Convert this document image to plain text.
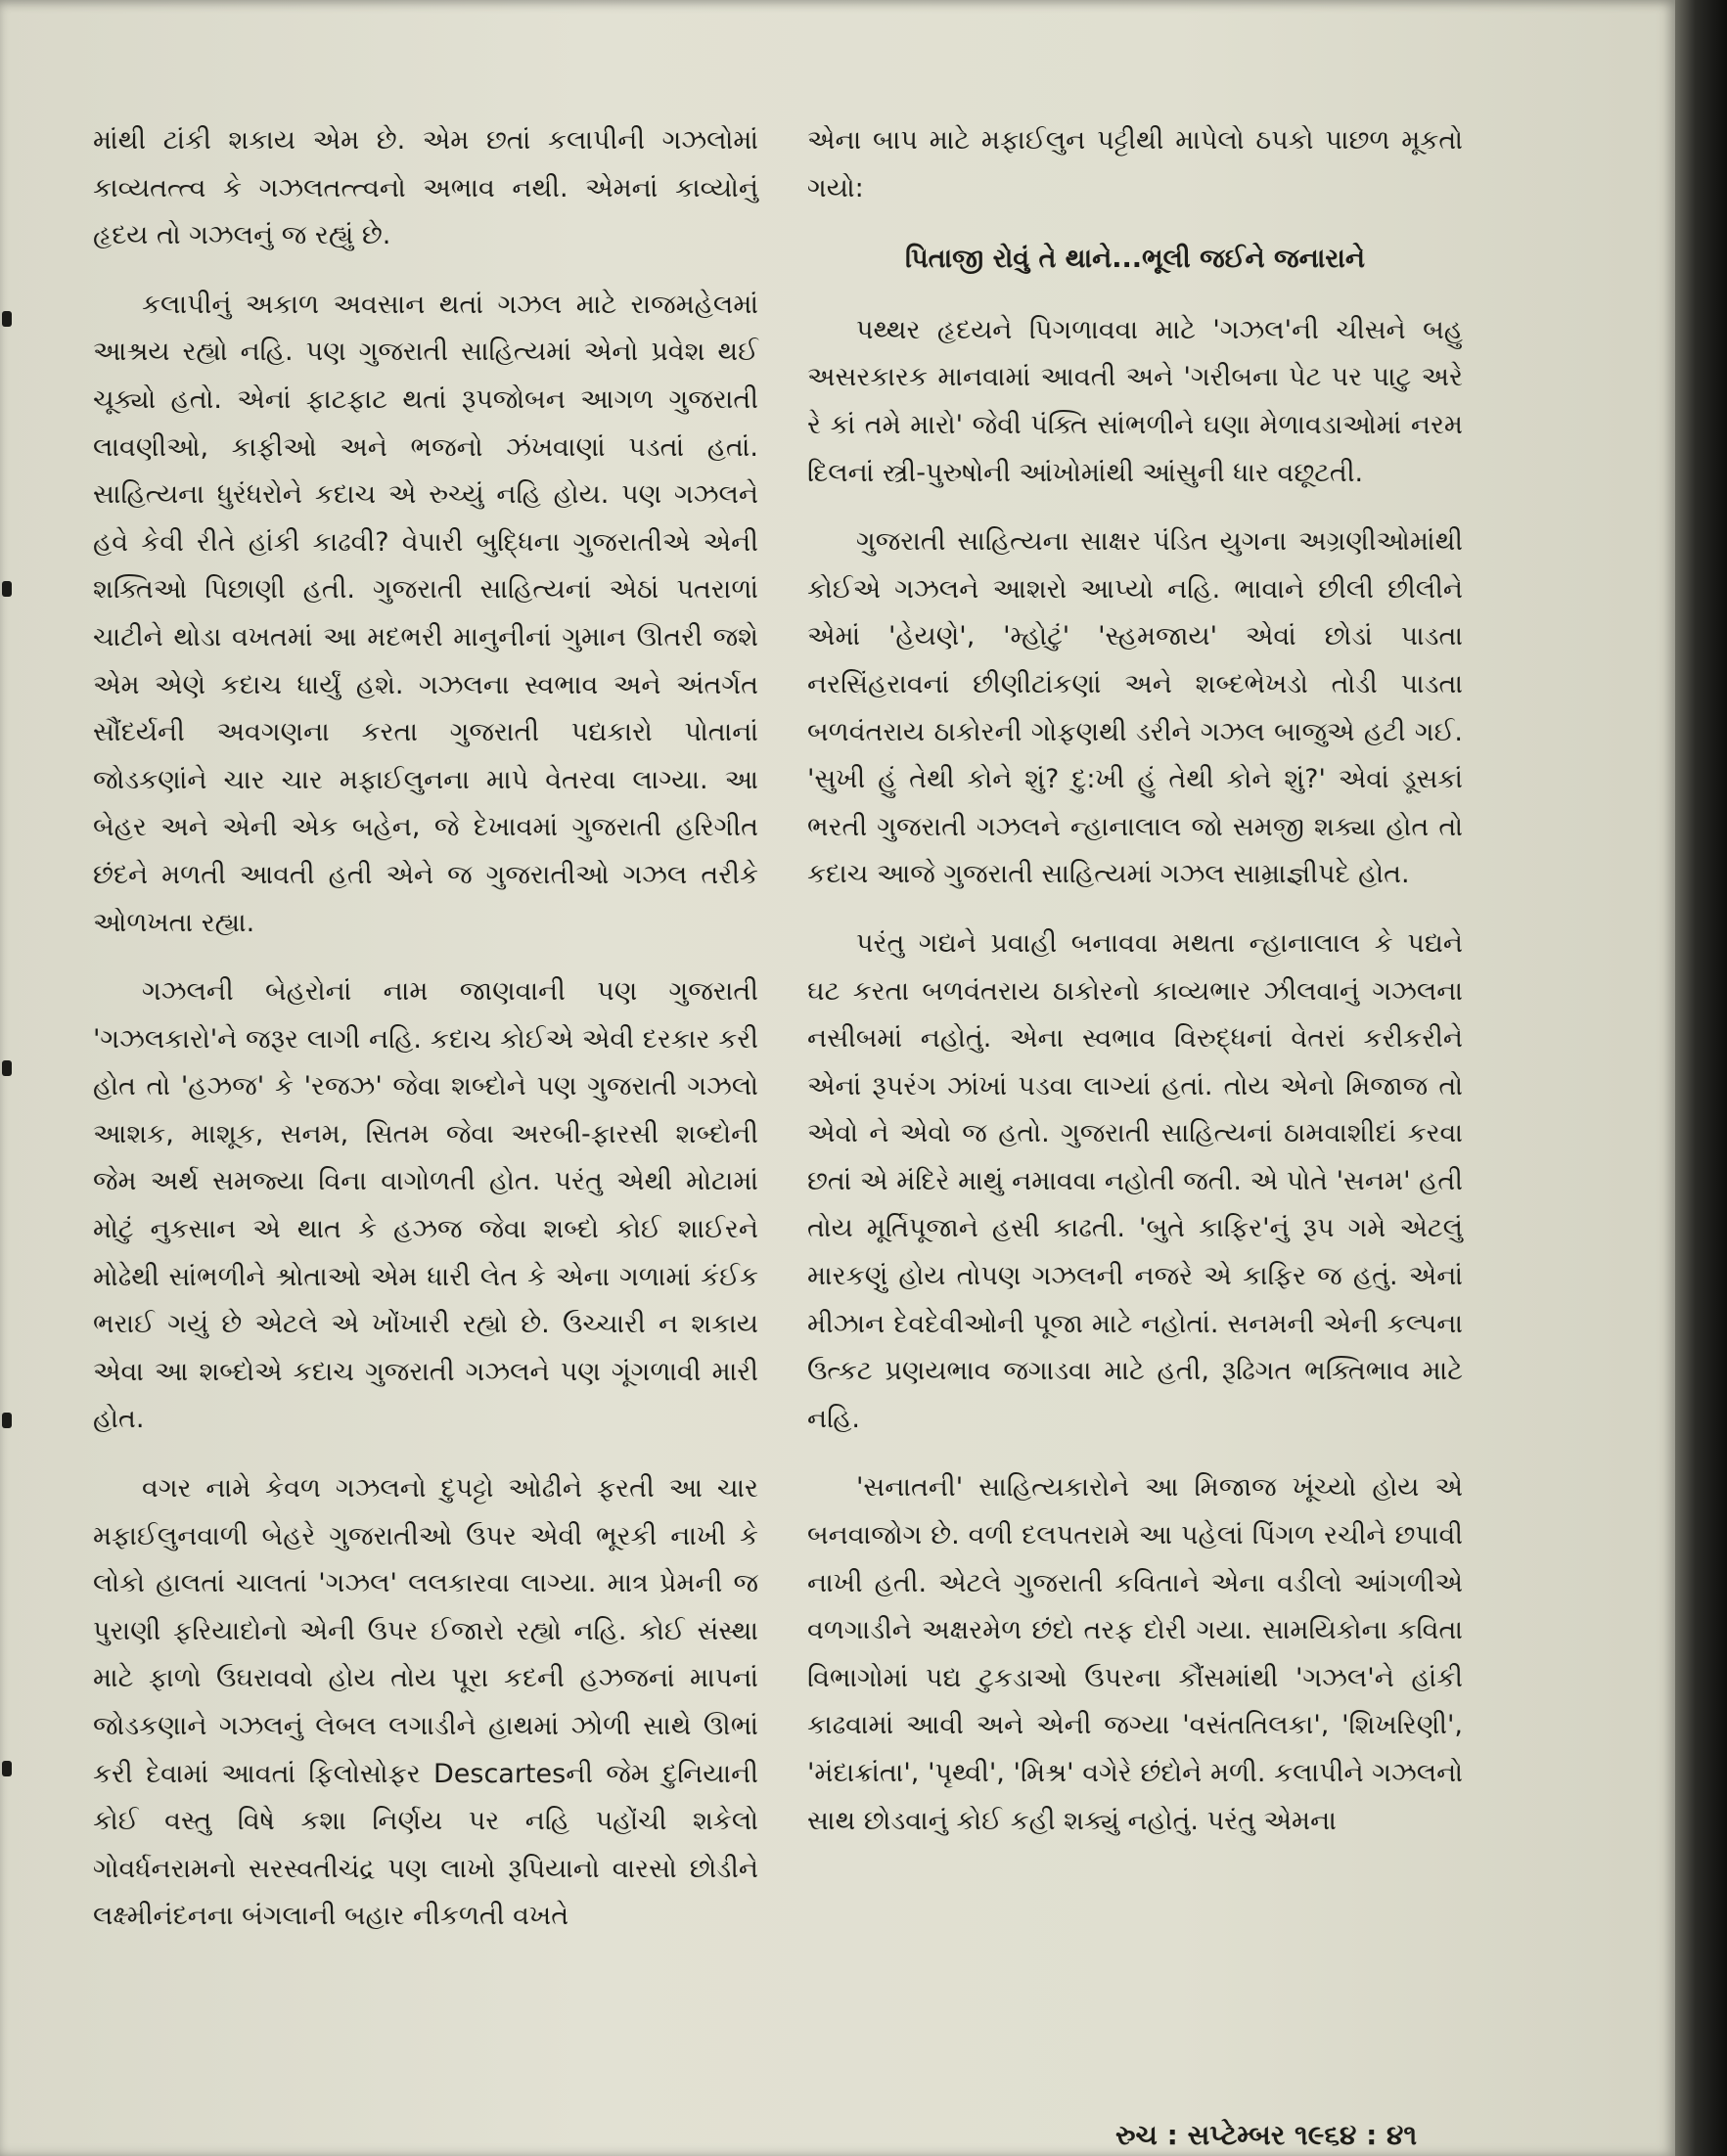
માંથી ટાંકી શકાય એમ છે. એમ છતાં કલાપીની ગઝલોમાં કાવ્યતત્ત્વ કે ગઝલતત્ત્વનો અભાવ નથી. એમનાં કાવ્યોનું હૃદય તો ગઝલનું જ રહ્યું છે.

કલાપીનું અકાળ અવસાન થતાં ગઝલ માટે રાજમહેલમાં આશ્રય રહ્યો નહિ. પણ ગુજરાતી સાહિત્યમાં એનો પ્રવેશ થઈ ચૂક્યો હતો. એનાં ફાટફાટ થતાં રૂપજોબન આગળ ગુજરાતી લાવણીઓ, કાફીઓ અને ભજનો ઝંખવાણાં પડતાં હતાં. સાહિત્યના ધુરંધરોને કદાચ એ રુચ્યું નહિ હોય. પણ ગઝલને હવે કેવી રીતે હાંકી કાઢવી? વેપારી બુદ્ધિના ગુજરાતીએ એની શક્તિઓ પિછાણી હતી. ગુજરાતી સાહિત્યનાં એઠાં પતરાળાં ચાટીને થોડા વખતમાં આ મદભરી માનુનીનાં ગુમાન ઊતરી જશે એમ એણે કદાચ ધાર્યું હશે. ગઝલના સ્વભાવ અને અંતર્ગત સૌંદર્યની અવગણના કરતા ગુજરાતી પદ્યકારો પોતાનાં જોડકણાંને ચાર ચાર મફાઈલુનના માપે વેતરવા લાગ્યા. આ બેહર અને એની એક બહેન, જે દેખાવમાં ગુજરાતી હરિગીત છંદને મળતી આવતી હતી એને જ ગુજરાતીઓ ગઝલ તરીકે ઓળખતા રહ્યા.

ગઝલની બેહરોનાં નામ જાણવાની પણ ગુજરાતી 'ગઝલકારો'ને જરૂર લાગી નહિ. કદાચ કોઈએ એવી દરકાર કરી હોત તો 'હઝજ' કે 'રજઝ' જેવા શબ્દોને પણ ગુજરાતી ગઝલો આશક, માશૂક, સનમ, સિતમ જેવા અરબી-ફારસી શબ્દોની જેમ અર્થ સમજ્યા વિના વાગોળતી હોત. પરંતુ એથી મોટામાં મોટું નુકસાન એ થાત કે હઝજ જેવા શબ્દો કોઈ શાઈરને મોઢેથી સાંભળીને શ્રોતાઓ એમ ધારી લેત કે એના ગળામાં કંઈક ભરાઈ ગયું છે એટલે એ ખોંખારી રહ્યો છે. ઉચ્ચારી ન શકાય એવા આ શબ્દોએ કદાચ ગુજરાતી ગઝલને પણ ગૂંગળાવી મારી હોત.

વગર નામે કેવળ ગઝલનો દુપટ્ટો ઓઢીને ફરતી આ ચાર મફાઈલુનવાળી બેહરે ગુજરાતીઓ ઉપર એવી ભૂરકી નાખી કે લોકો હાલતાં ચાલતાં 'ગઝલ' લલકારવા લાગ્યા. માત્ર પ્રેમની જ પુરાણી ફરિયાદોનો એની ઉપર ઈજારો રહ્યો નહિ. કોઈ સંસ્થા માટે ફાળો ઉઘરાવવો હોય તોય પૂરા કદની હઝજનાં માપનાં જોડકણાને ગઝલનું લેબલ લગાડીને હાથમાં ઝોળી સાથે ઊભાં કરી દેવામાં આવતાં ફિલોસોફર Descartesની જેમ દુનિયાની કોઈ વસ્તુ વિષે કશા નિર્ણય પર નહિ પહોંચી શકેલો ગોવર્ધનરામનો સરસ્વતીચંદ્ર પણ લાખો રૂપિયાનો વારસો છોડીને લક્ષ્મીનંદનના બંગલાની બહાર નીકળતી વખતે

એના બાપ માટે મફાઈલુન પટ્ટીથી માપેલો ઠપકો પાછળ મૂકતો ગયો:

પિતાજી રોવું તે થાને...ભૂલી જઈને જનારાને

પથ્થર હૃદયને પિગળાવવા માટે 'ગઝલ'ની ચીસને બહુ અસરકારક માનવામાં આવતી અને 'ગરીબના પેટ પર પાટુ અરે રે કાં તમે મારો' જેવી પંક્તિ સાંભળીને ઘણા મેળાવડાઓમાં નરમ દિલનાં સ્ત્રી-પુરુષોની આંખોમાંથી આંસુની ધાર વછૂટતી.

ગુજરાતી સાહિત્યના સાક્ષર પંડિત યુગના અગ્રણીઓમાંથી કોઈએ ગઝલને આશરો આપ્યો નહિ. ભાવાને છીલી છીલીને એમાં 'હેયણે', 'મ્હોટું' 'સ્હમજાય' એવાં છોડાં પાડતા નરસિંહરાવનાં છીણીટાંકણાં અને શબ્દભેખડો તોડી પાડતા બળવંતરાય ઠાકોરની ગોફણથી ડરીને ગઝલ બાજુએ હટી ગઈ. 'સુખી હું તેથી કોને શું? દુ:ખી હું તેથી કોને શું?' એવાં ડૂસકાં ભરતી ગુજરાતી ગઝલને ન્હાનાલાલ જો સમજી શક્યા હોત તો કદાચ આજે ગુજરાતી સાહિત્યમાં ગઝલ સામ્રાજ્ઞીપદે હોત.

પરંતુ ગદ્યને પ્રવાહી બનાવવા મથતા ન્હાનાલાલ કે પદ્યને ઘટ કરતા બળવંતરાય ઠાકોરનો કાવ્યભાર ઝીલવાનું ગઝલના નસીબમાં નહોતું. એના સ્વભાવ વિરુદ્ધનાં વેતરાં કરીકરીને એનાં રૂપરંગ ઝાંખાં પડવા લાગ્યાં હતાં. તોય એનો મિજાજ તો એવો ને એવો જ હતો. ગુજરાતી સાહિત્યનાં ઠામવાશીદાં કરવા છતાં એ મંદિરે માથું નમાવવા નહોતી જતી. એ પોતે 'સનમ' હતી તોય મૂર્તિપૂજાને હસી કાઢતી. 'બુતે કાફિર'નું રૂપ ગમે એટલું મારકણું હોય તોપણ ગઝલની નજરે એ કાફિર જ હતું. એનાં મીઝાન દેવદેવીઓની પૂજા માટે નહોતાં. સનમની એની કલ્પના ઉત્કટ પ્રણયભાવ જગાડવા માટે હતી, રૂઢિગત ભક્તિભાવ માટે નહિ.

'સનાતની' સાહિત્યકારોને આ મિજાજ ખૂંચ્યો હોય એ બનવાજોગ છે. વળી દલપતરામે આ પહેલાં પિંગળ રચીને છપાવી નાખી હતી. એટલે ગુજરાતી કવિતાને એના વડીલો આંગળીએ વળગાડીને અક્ષરમેળ છંદો તરફ દોરી ગયા. સામયિકોના કવિતા વિભાગોમાં પદ્ય ટુકડાઓ ઉપરના કૌંસમાંથી 'ગઝલ'ને હાંકી કાઢવામાં આવી અને એની જગ્યા 'વસંતતિલકા', 'શિખરિણી', 'મંદાક્રાંતા', 'પૃથ્વી', 'મિશ્ર' વગેરે છંદોને મળી. કલાપીને ગઝલનો સાથ છોડવાનું કોઈ કહી શક્યું નહોતું. પરંતુ એમના

રુચ : સપ્ટેમ્બર ૧૯૬૪ : ૪૧
